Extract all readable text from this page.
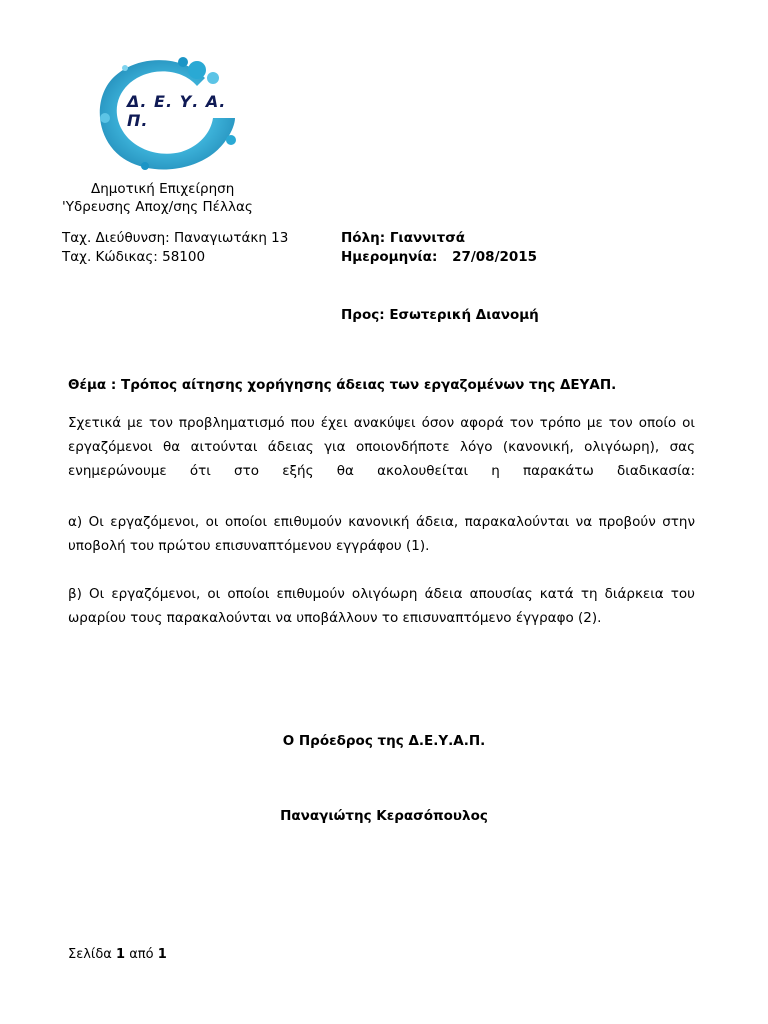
Δ. Ε. Υ. Α. Π.
Δημοτική Επιχείρηση
'Υδρευσης Αποχ/σης Πέλλας
Ταχ. Διεύθυνση: Παναγιωτάκη 13
Ταχ. Κώδικας: 58100
Πόλη: Γιαννιτσά
Ημερομηνία: 27/08/2015
Προς: Εσωτερική Διανομή
Θέμα : Τρόπος αίτησης χορήγησης άδειας των εργαζομένων της ΔΕΥΑΠ.
Σχετικά με τον προβληματισμό που έχει ανακύψει όσον αφορά τον τρόπο με τον οποίο οι εργαζόμενοι θα αιτούνται άδειας για οποιονδήποτε λόγο (κανονική, ολιγόωρη), σας ενημερώνουμε ότι στο εξής θα ακολουθείται η παρακάτω διαδικασία:
α) Οι εργαζόμενοι, οι οποίοι επιθυμούν κανονική άδεια, παρακαλούνται να προβούν στην υποβολή του πρώτου επισυναπτόμενου εγγράφου (1).
β) Οι εργαζόμενοι, οι οποίοι επιθυμούν ολιγόωρη άδεια απουσίας κατά τη διάρκεια του ωραρίου τους παρακαλούνται να υποβάλλουν το επισυναπτόμενο έγγραφο (2).
Ο Πρόεδρος της Δ.Ε.Υ.Α.Π.
Παναγιώτης Κερασόπουλος
Σελίδα 1 από 1
